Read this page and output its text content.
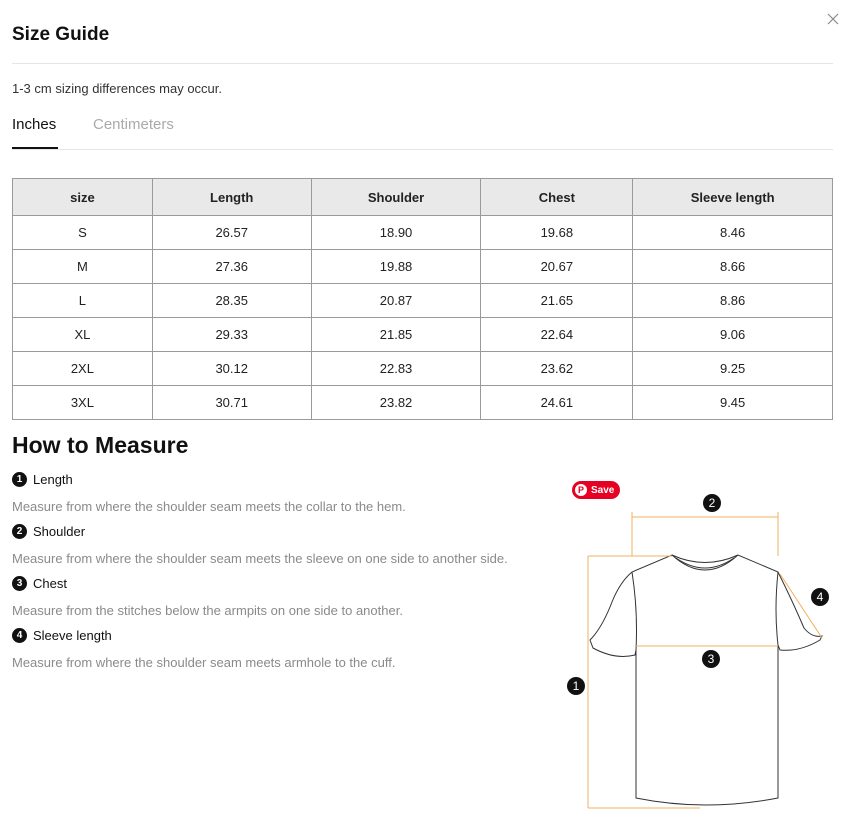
Size Guide
1-3 cm sizing differences may occur.
Inches Centimeters
size	Length	Shoulder	Chest	Sleeve length
S	26.57	18.90	19.68	8.46
M	27.36	19.88	20.67	8.66
L	28.35	20.87	21.65	8.86
XL	29.33	21.85	22.64	9.06
2XL	30.12	22.83	23.62	9.25
3XL	30.71	23.82	24.61	9.45
How to Measure
1 Length
Measure from where the shoulder seam meets the collar to the hem.
2 Shoulder
Measure from where the shoulder seam meets the sleeve on one side to another side.
3 Chest
Measure from the stitches below the armpits on one side to another.
4 Sleeve length
Measure from where the shoulder seam meets armhole to the cuff.
P Save
2
4
3
1
